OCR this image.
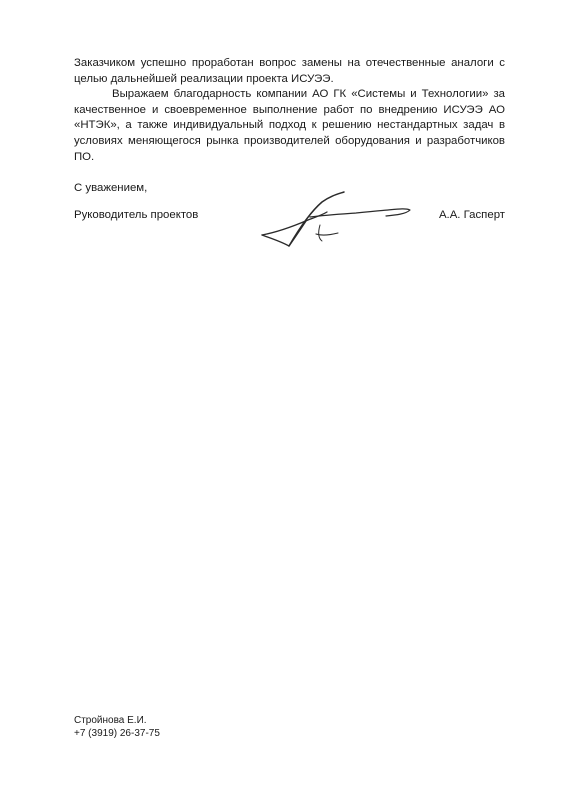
Заказчиком успешно проработан вопрос замены на отечественные аналоги с целью дальнейшей реализации проекта ИСУЭЭ.
Выражаем благодарность компании АО ГК «Системы и Технологии» за качественное и своевременное выполнение работ по внедрению ИСУЭЭ АО «НТЭК», а также индивидуальный подход к решению нестандартных задач в условиях меняющегося рынка производителей оборудования и разработчиков ПО.
С уважением,
Руководитель проектов	А.А. Гасперт
Стройнова Е.И.
+7 (3919) 26-37-75
